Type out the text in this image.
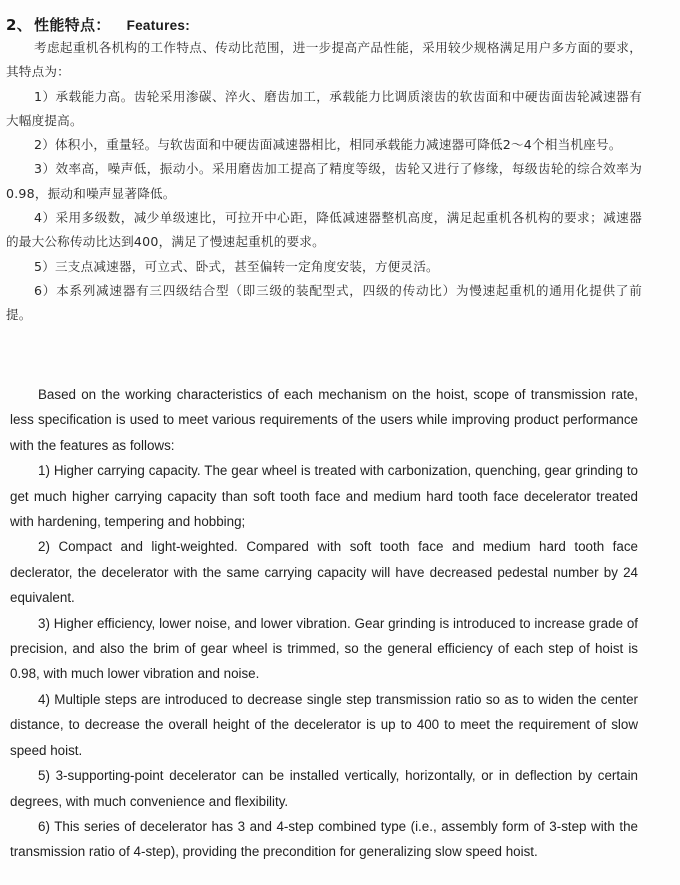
2、 性能特点： Features:

考虑起重机各机构的工作特点、传动比范围，进一步提高产品性能，采用较少规格满足用户多方面的要求，其特点为：

1）承载能力高。齿轮采用渗碳、淬火、磨齿加工，承载能力比调质滚齿的软齿面和中硬齿面齿轮减速器有大幅度提高。

2）体积小，重量轻。与软齿面和中硬齿面减速器相比，相同承载能力减速器可降低2～4个相当机座号。

3）效率高，噪声低，振动小。采用磨齿加工提高了精度等级，齿轮又进行了修缘，每级齿轮的综合效率为0.98，振动和噪声显著降低。

4）采用多级数，减少单级速比，可拉开中心距，降低减速器整机高度，满足起重机各机构的要求；减速器的最大公称传动比达到400，满足了慢速起重机的要求。

5）三支点减速器，可立式、卧式，甚至偏转一定角度安装，方便灵活。

6）本系列减速器有三四级结合型（即三级的装配型式，四级的传动比）为慢速起重机的通用化提供了前提。

Based on the working characteristics of each mechanism on the hoist, scope of transmission rate, less specification is used to meet various requirements of the users while improving product performance with the features as follows:

1) Higher carrying capacity. The gear wheel is treated with carbonization, quenching, gear grinding to get much higher carrying capacity than soft tooth face and medium hard tooth face decelerator treated with hardening, tempering and hobbing;

2) Compact and light-weighted. Compared with soft tooth face and medium hard tooth face declerator, the decelerator with the same carrying capacity will have decreased pedestal number by 24 equivalent.

3) Higher efficiency, lower noise, and lower vibration. Gear grinding is introduced to increase grade of precision, and also the brim of gear wheel is trimmed, so the general efficiency of each step of hoist is 0.98, with much lower vibration and noise.

4) Multiple steps are introduced to decrease single step transmission ratio so as to widen the center distance, to decrease the overall height of the decelerator is up to 400 to meet the requirement of slow speed hoist.

5) 3-supporting-point decelerator can be installed vertically, horizontally, or in deflection by certain degrees, with much convenience and flexibility.

6) This series of decelerator has 3 and 4-step combined type (i.e., assembly form of 3-step with the transmission ratio of 4-step), providing the precondition for generalizing slow speed hoist.
